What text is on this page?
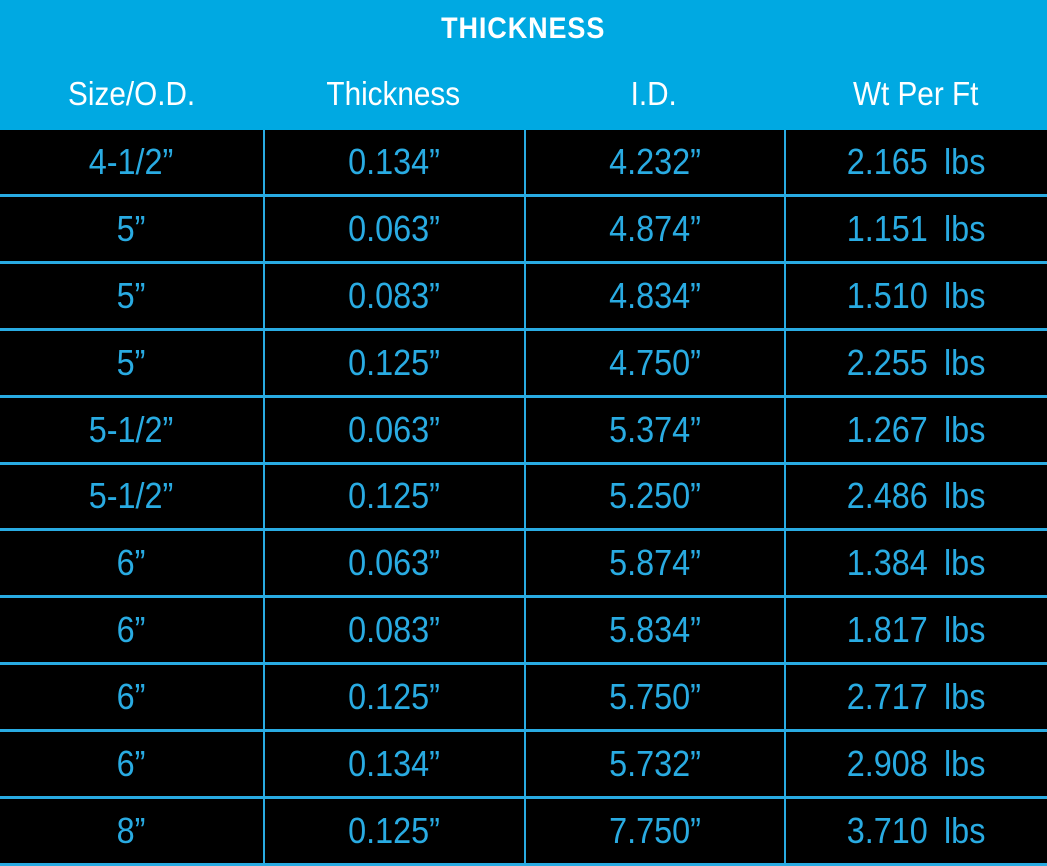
THICKNESS
Size/O.D.	Thickness	I.D.	Wt Per Ft
4-1/2”	0.134”	4.232”	2.165 lbs
5”	0.063”	4.874”	1.151 lbs
5”	0.083”	4.834”	1.510 lbs
5”	0.125”	4.750”	2.255 lbs
5-1/2”	0.063”	5.374”	1.267 lbs
5-1/2”	0.125”	5.250”	2.486 lbs
6”	0.063”	5.874”	1.384 lbs
6”	0.083”	5.834”	1.817 lbs
6”	0.125”	5.750”	2.717 lbs
6”	0.134”	5.732”	2.908 lbs
8”	0.125”	7.750”	3.710 lbs
